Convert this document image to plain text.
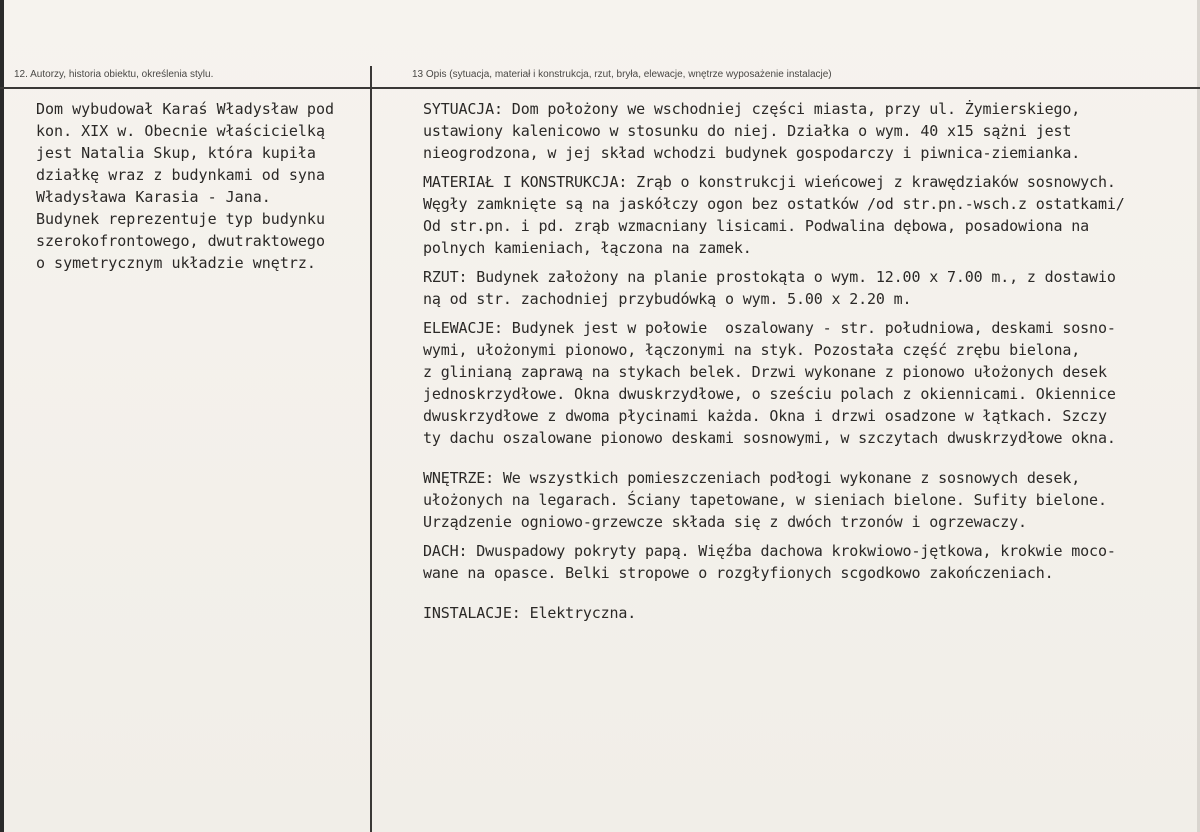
12. Autorzy, historia obiektu, określenia stylu.	13 Opis (sytuacja, materiał i konstrukcja, rzut, bryła, elewacje, wnętrze wyposażenie instalacje)
Dom wybudował Karaś Władysław pod
kon. XIX w. Obecnie właścicielką
jest Natalia Skup, która kupiła
działkę wraz z budynkami od syna
Władysława Karasia - Jana.
Budynek reprezentuje typ budynku
szerokofrontowego, dwutraktowego
o symetrycznym układzie wnętrz.

SYTUACJA: Dom położony we wschodniej części miasta, przy ul. Żymierskiego,
ustawiony kalenicowo w stosunku do niej. Działka o wym. 40 x15 sążni jest
nieogrodzona, w jej skład wchodzi budynek gospodarczy i piwnica-ziemianka.

MATERIAŁ I KONSTRUKCJA: Zrąb o konstrukcji wieńcowej z krawędziaków sosnowych.
Węgły zamknięte są na jaskółczy ogon bez ostatków /od str.pn.-wsch.z ostatkami/
Od str.pn. i pd. zrąb wzmacniany lisicami. Podwalina dębowa, posadowiona na
polnych kamieniach, łączona na zamek.

RZUT: Budynek założony na planie prostokąta o wym. 12.00 x 7.00 m., z dostawio
ną od str. zachodniej przybudówką o wym. 5.00 x 2.20 m.

ELEWACJE: Budynek jest w połowie  oszalowany - str. południowa, deskami sosno-
wymi, ułożonymi pionowo, łączonymi na styk. Pozostała część zrębu bielona,
z glinianą zaprawą na stykach belek. Drzwi wykonane z pionowo ułożonych desek
jednoskrzydłowe. Okna dwuskrzydłowe, o sześciu polach z okiennicami. Okiennice
dwuskrzydłowe z dwoma płycinami każda. Okna i drzwi osadzone w łątkach. Szczy
ty dachu oszalowane pionowo deskami sosnowymi, w szczytach dwuskrzydłowe okna.

WNĘTRZE: We wszystkich pomieszczeniach podłogi wykonane z sosnowych desek,
ułożonych na legarach. Ściany tapetowane, w sieniach bielone. Sufity bielone.
Urządzenie ogniowo-grzewcze składa się z dwóch trzonów i ogrzewaczy.

DACH: Dwuspadowy pokryty papą. Więźba dachowa krokwiowo-jętkowa, krokwie moco-
wane na opasce. Belki stropowe o rozgłyfionych scgodkowo zakończeniach.

INSTALACJE: Elektryczna.
